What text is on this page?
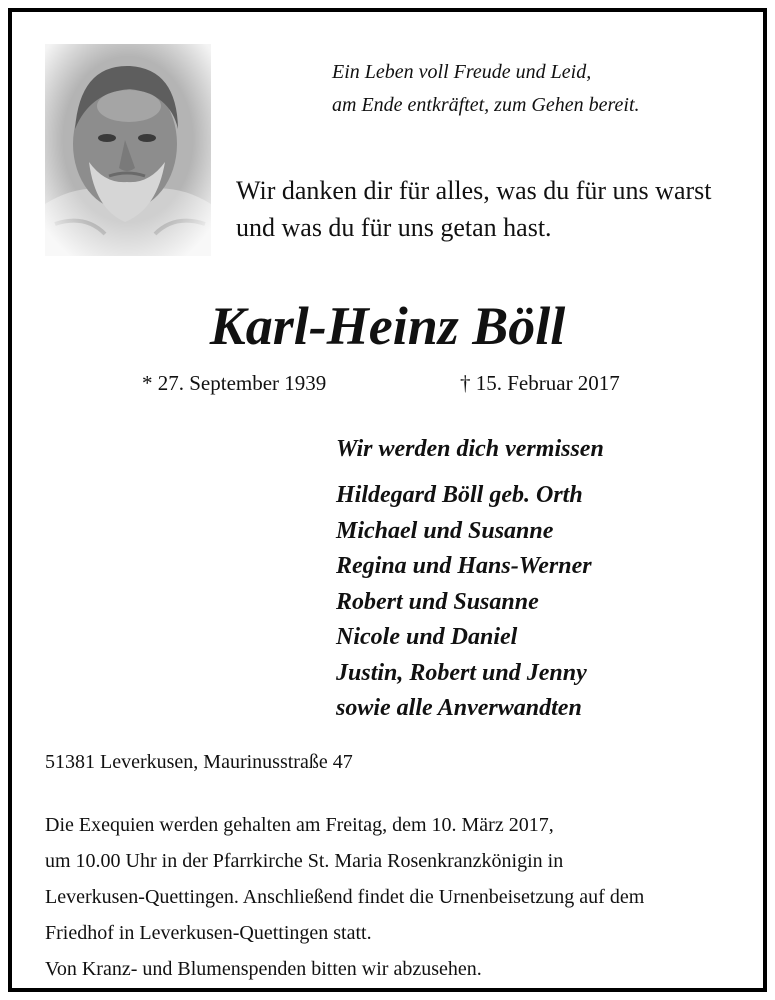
Ein Leben voll Freude und Leid,
am Ende entkräftet, zum Gehen bereit.
Wir danken dir für alles, was du für uns warst
und was du für uns getan hast.
Karl-Heinz Böll
* 27. September 1939	† 15. Februar 2017
Wir werden dich vermissen
Hildegard Böll geb. Orth
Michael und Susanne
Regina und Hans-Werner
Robert und Susanne
Nicole und Daniel
Justin, Robert und Jenny
sowie alle Anverwandten
51381 Leverkusen, Maurinusstraße 47
Die Exequien werden gehalten am Freitag, dem 10. März 2017,
um 10.00 Uhr in der Pfarrkirche St. Maria Rosenkranzkönigin in
Leverkusen-Quettingen. Anschließend findet die Urnenbeisetzung auf dem
Friedhof in Leverkusen-Quettingen statt.
Von Kranz- und Blumenspenden bitten wir abzusehen.
